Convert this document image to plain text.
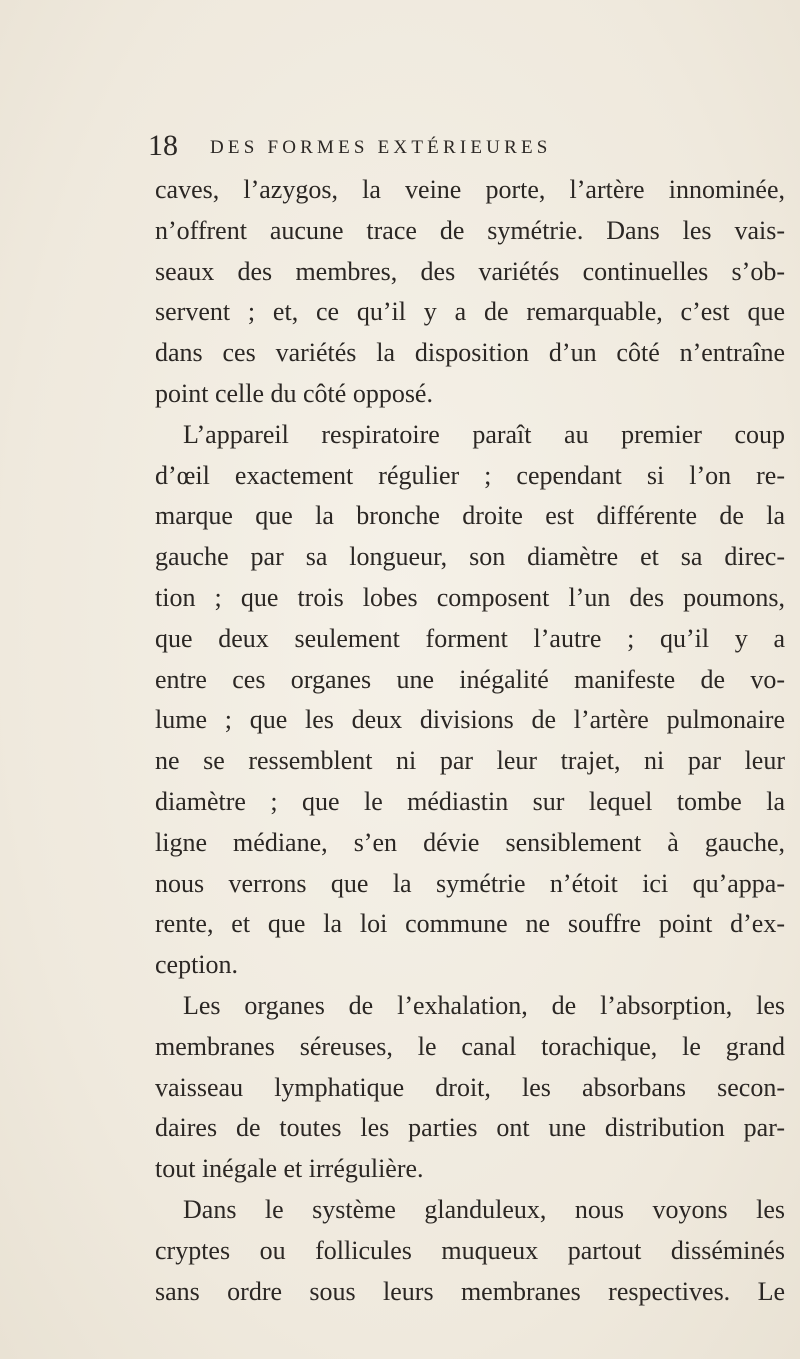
18 DES FORMES EXTÉRIEURES
caves, l’azygos, la veine porte, l’artère innominée,
n’offrent aucune trace de symétrie. Dans les vais-
seaux des membres, des variétés continuelles s’ob-
servent ; et, ce qu’il y a de remarquable, c’est que
dans ces variétés la disposition d’un côté n’entraîne
point celle du côté opposé.
L’appareil respiratoire paraît au premier coup
d’œil exactement régulier ; cependant si l’on re-
marque que la bronche droite est différente de la
gauche par sa longueur, son diamètre et sa direc-
tion ; que trois lobes composent l’un des poumons,
que deux seulement forment l’autre ; qu’il y a
entre ces organes une inégalité manifeste de vo-
lume ; que les deux divisions de l’artère pulmonaire
ne se ressemblent ni par leur trajet, ni par leur
diamètre ; que le médiastin sur lequel tombe la
ligne médiane, s’en dévie sensiblement à gauche,
nous verrons que la symétrie n’étoit ici qu’appa-
rente, et que la loi commune ne souffre point d’ex-
ception.
Les organes de l’exhalation, de l’absorption, les
membranes séreuses, le canal torachique, le grand
vaisseau lymphatique droit, les absorbans secon-
daires de toutes les parties ont une distribution par-
tout inégale et irrégulière.
Dans le système glanduleux, nous voyons les
cryptes ou follicules muqueux partout disséminés
sans ordre sous leurs membranes respectives. Le
